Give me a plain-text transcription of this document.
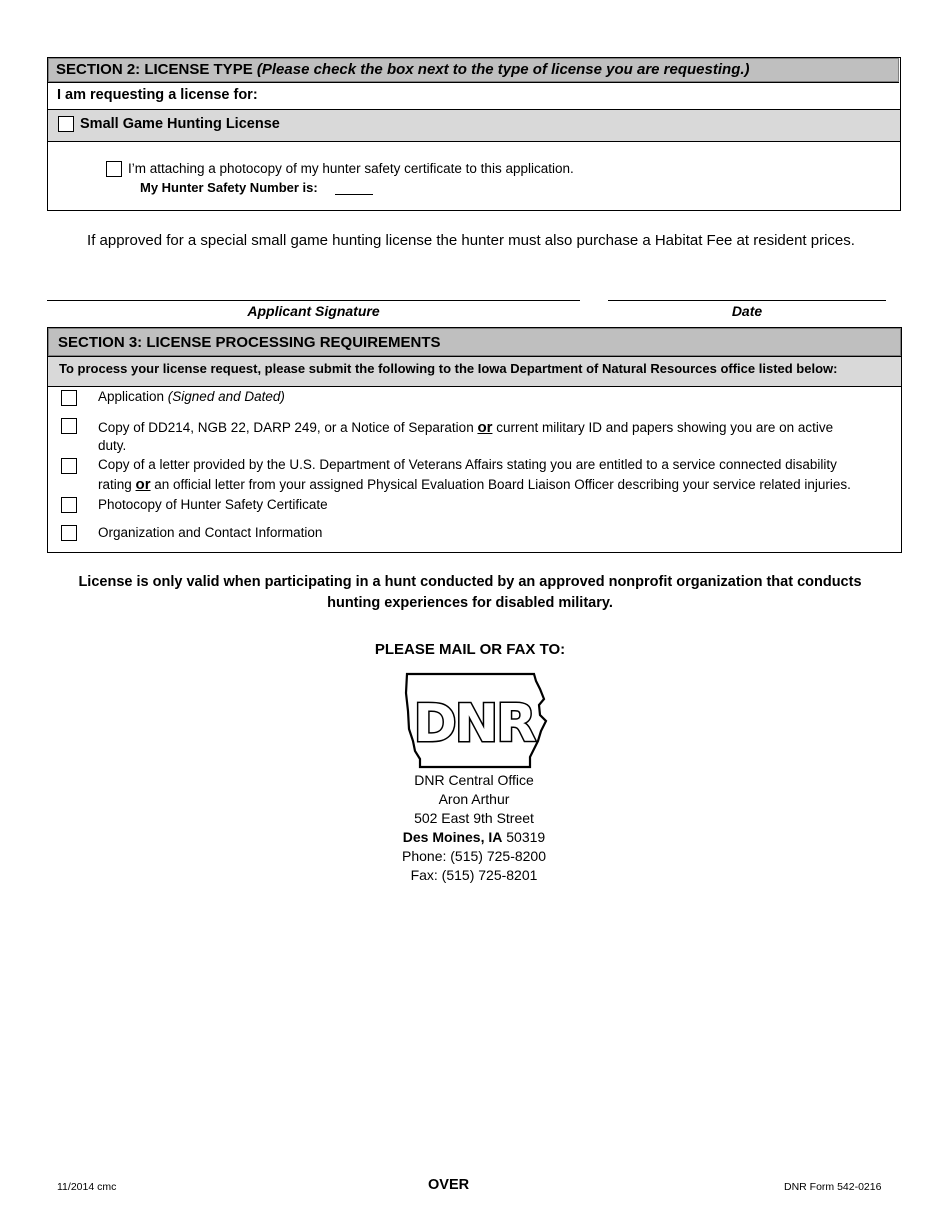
SECTION 2: LICENSE TYPE (Please check the box next to the type of license you are requesting.)
I am requesting a license for:
Small Game Hunting License
I’m attaching a photocopy of my hunter safety certificate to this application.
My Hunter Safety Number is:
If approved for a special small game hunting license the hunter must also purchase a Habitat Fee at resident prices.
Applicant Signature	Date
SECTION 3: LICENSE PROCESSING REQUIREMENTS
To process your license request, please submit the following to the Iowa Department of Natural Resources office listed below:
Application (Signed and Dated)
Copy of DD214, NGB 22, DARP 249, or a Notice of Separation or current military ID and papers showing you are on active
duty.
Copy of a letter provided by the U.S. Department of Veterans Affairs stating you are entitled to a service connected disability
rating or an official letter from your assigned Physical Evaluation Board Liaison Officer describing your service related injuries.
Photocopy of Hunter Safety Certificate
Organization and Contact Information
License is only valid when participating in a hunt conducted by an approved nonprofit organization that conducts
hunting experiences for disabled military.
PLEASE MAIL OR FAX TO:
DNR
DNR Central Office
Aron Arthur
502 East 9th Street
Des Moines, IA 50319
Phone: (515) 725-8200
Fax: (515) 725-8201
11/2014 cmc	OVER	DNR Form 542-0216
